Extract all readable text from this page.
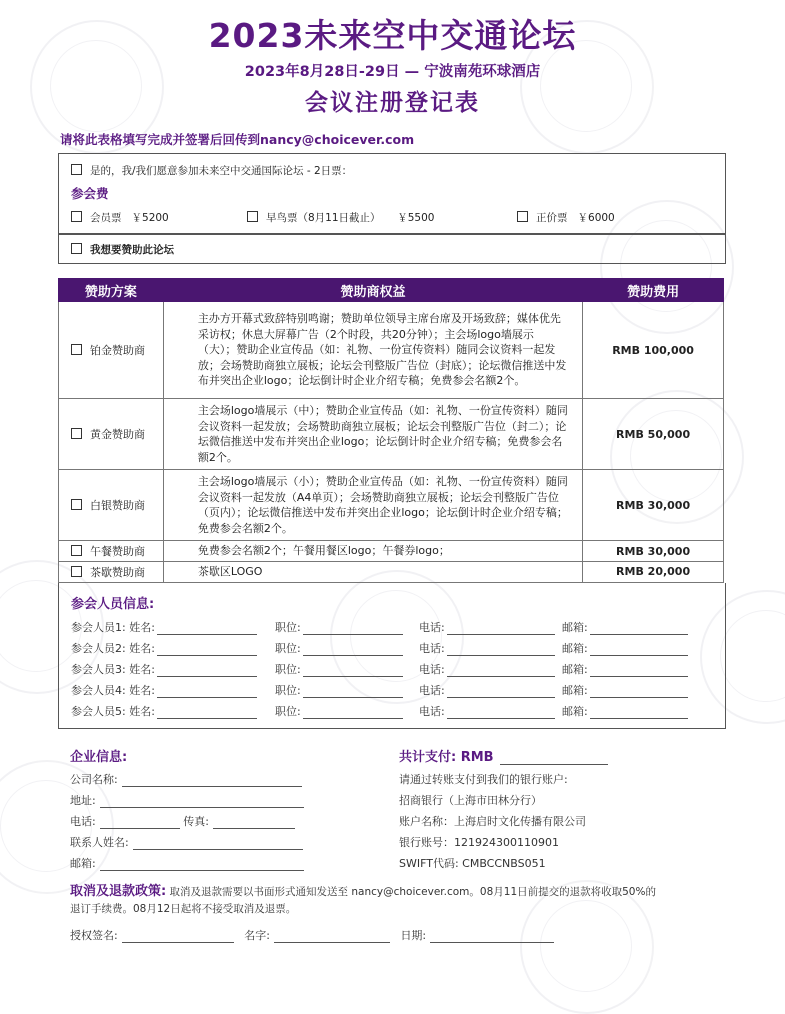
2023未来空中交通论坛
2023年8月28日-29日 — 宁波南苑环球酒店
会议注册登记表
请将此表格填写完成并签署后回传到nancy@choicever.com
是的，我/我们愿意参加未来空中交通国际论坛 - 2日票：
参会费
会员票 ￥5200	早鸟票（8月11日截止） ￥5500	正价票 ￥6000
我想要赞助此论坛
赞助方案	赞助商权益	赞助费用
铂金赞助商	主办方开幕式致辞特别鸣谢；赞助单位领导主席台席及开场致辞；媒体优先采访权；休息大屏幕广告（2个时段，共20分钟）；主会场logo墙展示（大）；赞助企业宣传品（如：礼物、一份宣传资料）随同会议资料一起发放；会场赞助商独立展板；论坛会刊整版广告位（封底）；论坛微信推送中发布并突出企业logo；论坛倒计时企业介绍专稿；免费参会名额2个。	RMB 100,000
黄金赞助商	主会场logo墙展示（中）；赞助企业宣传品（如：礼物、一份宣传资料）随同会议资料一起发放；会场赞助商独立展板；论坛会刊整版广告位（封二）；论坛微信推送中发布并突出企业logo；论坛倒计时企业介绍专稿；免费参会名额2个。	RMB 50,000
白银赞助商	主会场logo墙展示（小）；赞助企业宣传品（如：礼物、一份宣传资料）随同会议资料一起发放（A4单页）；会场赞助商独立展板；论坛会刊整版广告位（页内）；论坛微信推送中发布并突出企业logo；论坛倒计时企业介绍专稿；免费参会名额2个。	RMB 30,000
午餐赞助商	免费参会名额2个；午餐用餐区logo；午餐券logo；	RMB 30,000
茶歇赞助商	茶歇区LOGO	RMB 20,000
参会人员信息:
参会人员1: 姓名:	职位:	电话:	邮箱:
参会人员2: 姓名:	职位:	电话:	邮箱:
参会人员3: 姓名:	职位:	电话:	邮箱:
参会人员4: 姓名:	职位:	电话:	邮箱:
参会人员5: 姓名:	职位:	电话:	邮箱:
企业信息:
公司名称:
地址:
电话:	传真:
联系人姓名:
邮箱:
共计支付: RMB
请通过转账支付到我们的银行账户:
招商银行（上海市田林分行）
账户名称：上海启时文化传播有限公司
银行账号：121924300110901
SWIFT代码: CMBCCNBS051
取消及退款政策: 取消及退款需要以书面形式通知发送至 nancy@choicever.com。08月11日前提交的退款将收取50%的
退订手续费。08月12日起将不接受取消及退票。
授权签名:	名字:	日期:
